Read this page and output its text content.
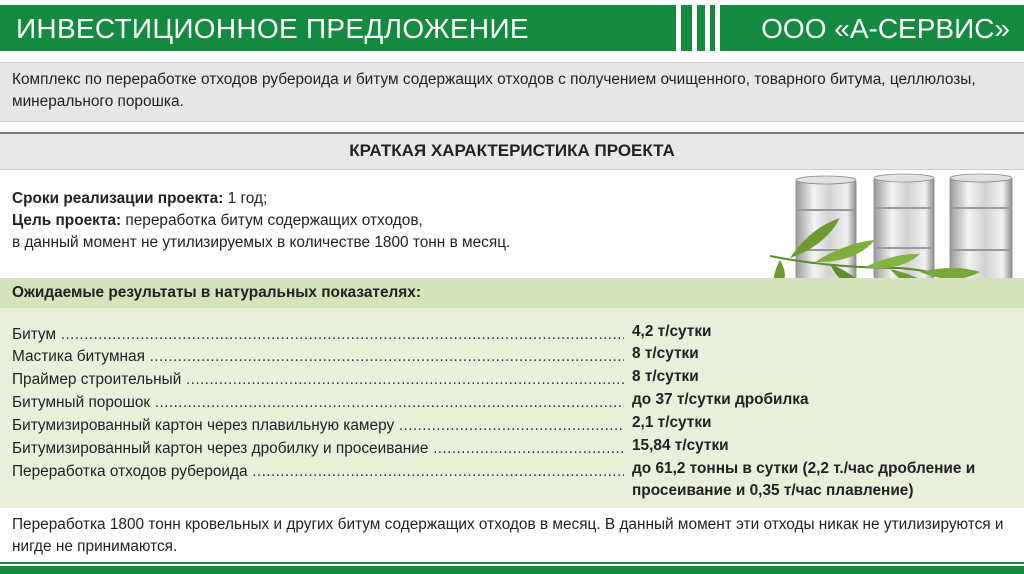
ИНВЕСТИЦИОННОЕ ПРЕДЛОЖЕНИЕ	ООО «А-СЕРВИС»

Комплекс по переработке отходов рубероида и битум содержащих отходов с получением очищенного, товарного битума, целлюлозы, минерального порошка.

КРАТКАЯ ХАРАКТЕРИСТИКА ПРОЕКТА
Сроки реализации проекта: 1 год;
Цель проекта: переработка битум содержащих отходов,
в данный момент не утилизируемых в количестве 1800 тонн в месяц.
Ожидаемые результаты в натуральных показателях:
Битум .....	4,2 т/сутки
Мастика битумная .....	8 т/сутки
Праймер строительный .....	8 т/сутки
Битумный порошок .....	до 37 т/сутки дробилка
Битумизированный картон через плавильную камеру .....	2,1 т/сутки
Битумизированный картон через дробилку и просеивание .....	15,84 т/сутки
Переработка отходов рубероида .....	до 61,2 тонны в сутки (2,2 т./час дробление и просеивание и 0,35 т/час плавление)
Переработка 1800 тонн кровельных и других битум содержащих отходов в месяц. В данный момент эти отходы никак не утилизируются и нигде не принимаются.
